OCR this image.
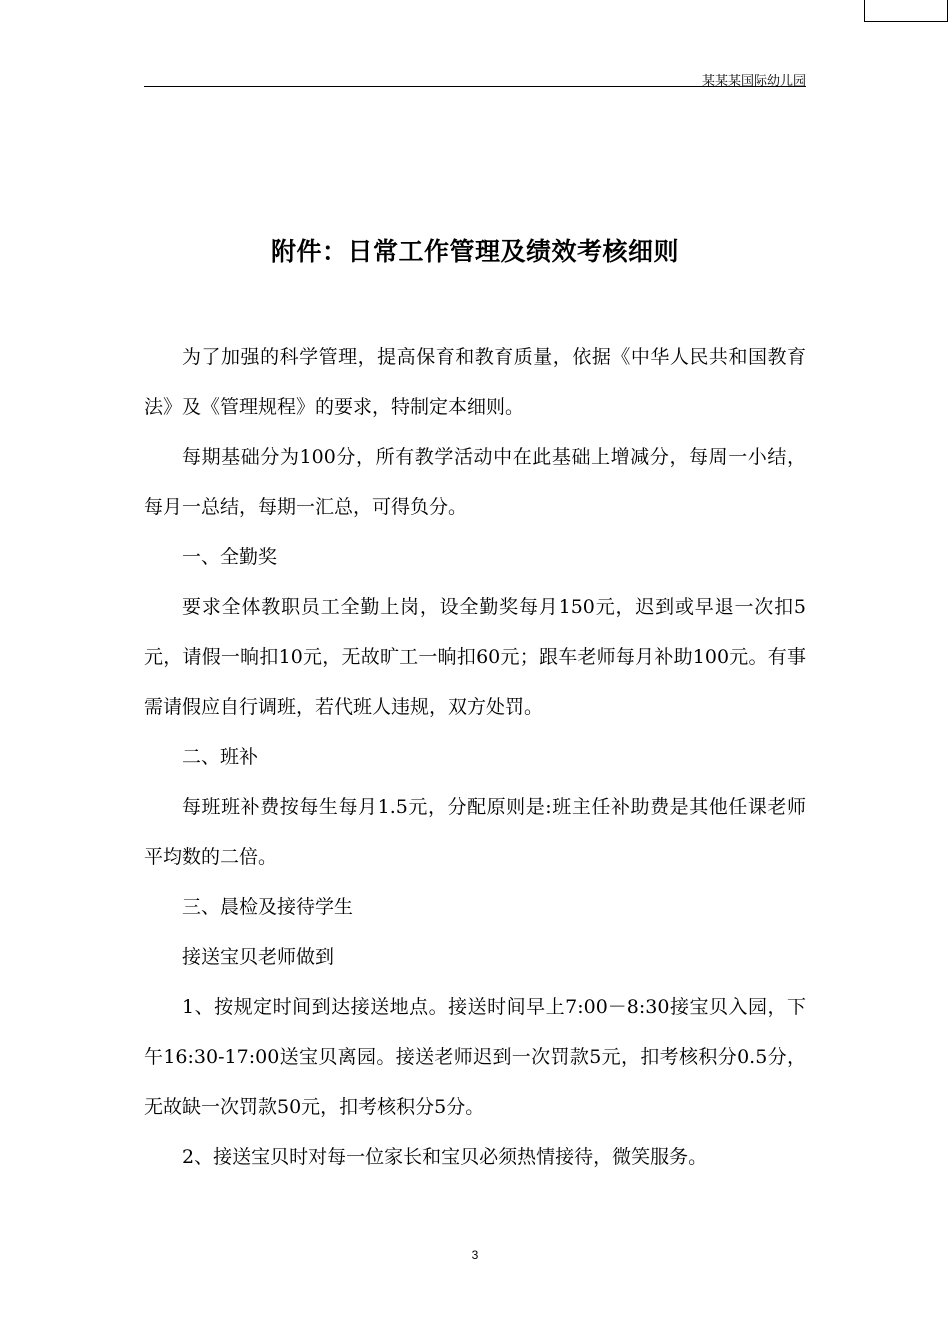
某某某国际幼儿园
附件：日常工作管理及绩效考核细则

为了加强的科学管理，提高保育和教育质量，依据《中华人民共和国教育法》及《管理规程》的要求，特制定本细则。

每期基础分为100分，所有教学活动中在此基础上增减分，每周一小结，每月一总结，每期一汇总，可得负分。

一、全勤奖

要求全体教职员工全勤上岗，设全勤奖每月150元，迟到或早退一次扣5元，请假一晌扣10元，无故旷工一晌扣60元；跟车老师每月补助100元。有事需请假应自行调班，若代班人违规，双方处罚。

二、班补

每班班补费按每生每月1.5元，分配原则是:班主任补助费是其他任课老师平均数的二倍。

三、晨检及接待学生

接送宝贝老师做到

1、按规定时间到达接送地点。接送时间早上7:00－8:30接宝贝入园，下午16:30-17:00送宝贝离园。接送老师迟到一次罚款5元，扣考核积分0.5分，无故缺一次罚款50元，扣考核积分5分。

2、接送宝贝时对每一位家长和宝贝必须热情接待，微笑服务。

3
